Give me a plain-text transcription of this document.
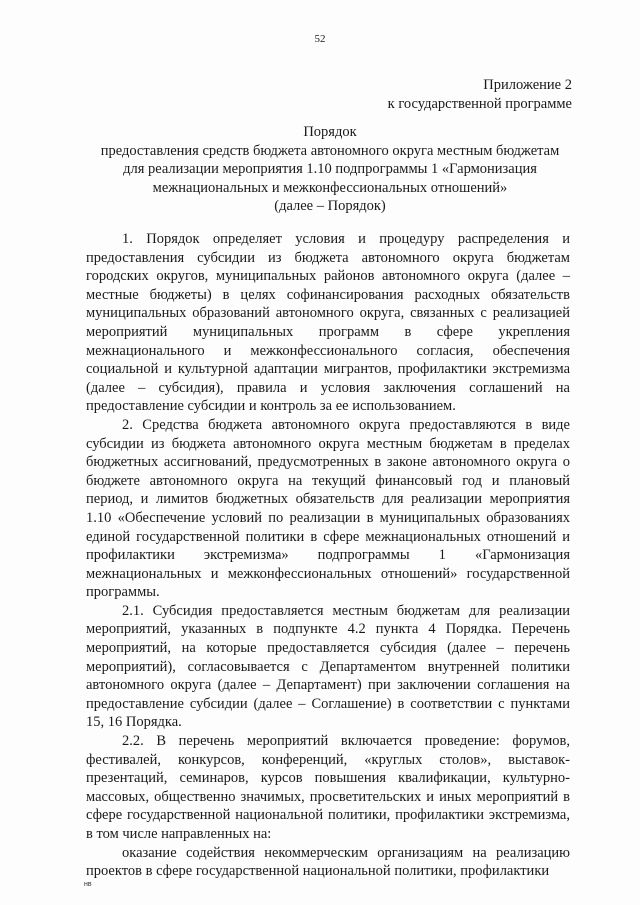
52
Приложение 2
к государственной программе
Порядок
предоставления средств бюджета автономного округа местным бюджетам
для реализации мероприятия 1.10 подпрограммы 1 «Гармонизация
межнациональных и межконфессиональных отношений»
(далее – Порядок)

1. Порядок определяет условия и процедуру распределения и предоставления субсидии из бюджета автономного округа бюджетам городских округов, муниципальных районов автономного округа (далее – местные бюджеты) в целях софинансирования расходных обязательств муниципальных образований автономного округа, связанных с реализацией мероприятий муниципальных программ в сфере укрепления межнационального и межконфессионального согласия, обеспечения социальной и культурной адаптации мигрантов, профилактики экстремизма (далее – субсидия), правила и условия заключения соглашений на предоставление субсидии и контроль за ее использованием.

2. Средства бюджета автономного округа предоставляются в виде субсидии из бюджета автономного округа местным бюджетам в пределах бюджетных ассигнований, предусмотренных в законе автономного округа о бюджете автономного округа на текущий финансовый год и плановый период, и лимитов бюджетных обязательств для реализации мероприятия 1.10 «Обеспечение условий по реализации в муниципальных образованиях единой государственной политики в сфере межнациональных отношений и профилактики экстремизма» подпрограммы 1 «Гармонизация межнациональных и межконфессиональных отношений» государственной программы.

2.1. Субсидия предоставляется местным бюджетам для реализации мероприятий, указанных в подпункте 4.2 пункта 4 Порядка. Перечень мероприятий, на которые предоставляется субсидия (далее – перечень мероприятий), согласовывается с Департаментом внутренней политики автономного округа (далее – Департамент) при заключении соглашения на предоставление субсидии (далее – Соглашение) в соответствии с пунктами 15, 16 Порядка.

2.2. В перечень мероприятий включается проведение: форумов, фестивалей, конкурсов, конференций, «круглых столов», выставок-презентаций, семинаров, курсов повышения квалификации, культурно-массовых, общественно значимых, просветительских и иных мероприятий в сфере государственной национальной политики, профилактики экстремизма, в том числе направленных на:

оказание содействия некоммерческим организациям на реализацию проектов в сфере государственной национальной политики, профилактики

нв
